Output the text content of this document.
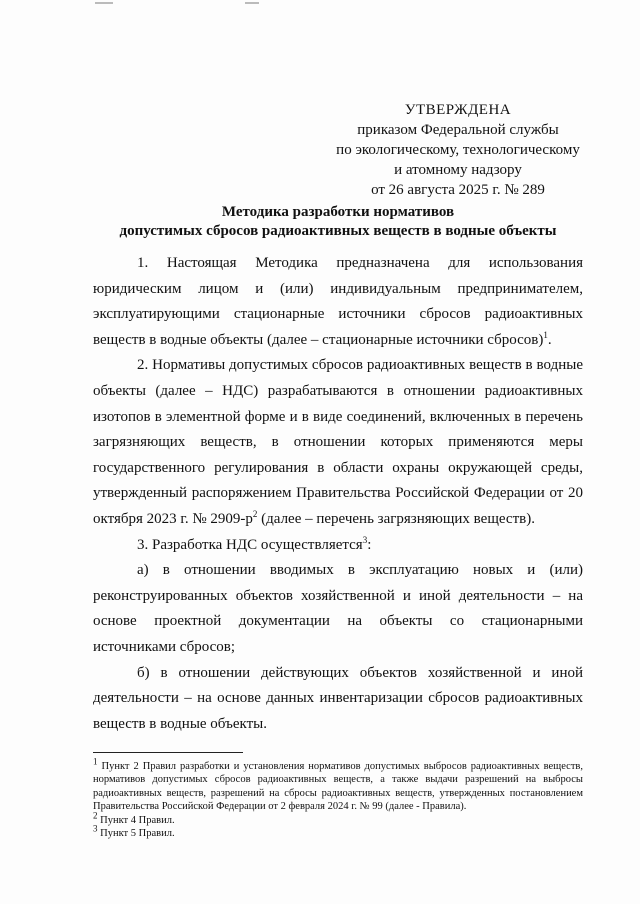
УТВЕРЖДЕНА
приказом Федеральной службы
по экологическому, технологическому
и атомному надзору
от 26 августа 2025 г. № 289
Методика разработки нормативов
допустимых сбросов радиоактивных веществ в водные объекты

1. Настоящая Методика предназначена для использования юридическим лицом и (или) индивидуальным предпринимателем, эксплуатирующими стационарные источники сбросов радиоактивных веществ в водные объекты (далее – стационарные источники сбросов)$^1$.

2. Нормативы допустимых сбросов радиоактивных веществ в водные объекты (далее – НДС) разрабатываются в отношении радиоактивных изотопов в элементной форме и в виде соединений, включенных в перечень загрязняющих веществ, в отношении которых применяются меры государственного регулирования в области охраны окружающей среды, утвержденный распоряжением Правительства Российской Федерации от 20 октября 2023 г. № $2909-р^2$ (далее – перечень загрязняющих веществ).

3. Разработка НДС осуществляется$^3$:

а) в отношении вводимых в эксплуатацию новых и (или) реконструированных объектов хозяйственной и иной деятельности – на основе проектной документации на объекты со стационарными источниками сбросов;

б) в отношении действующих объектов хозяйственной и иной деятельности – на основе данных инвентаризации сбросов радиоактивных веществ в водные объекты.

$^1$ Пункт 2 Правил разработки и установления нормативов допустимых выбросов радиоактивных веществ, нормативов допустимых сбросов радиоактивных веществ, а также выдачи разрешений на выбросы радиоактивных веществ, разрешений на сбросы радиоактивных веществ, утвержденных постановлением Правительства Российской Федерации от 2 февраля 2024 г. № 99 (далее - Правила).

$^2$ Пункт 4 Правил.

$^3$ Пункт 5 Правил.
